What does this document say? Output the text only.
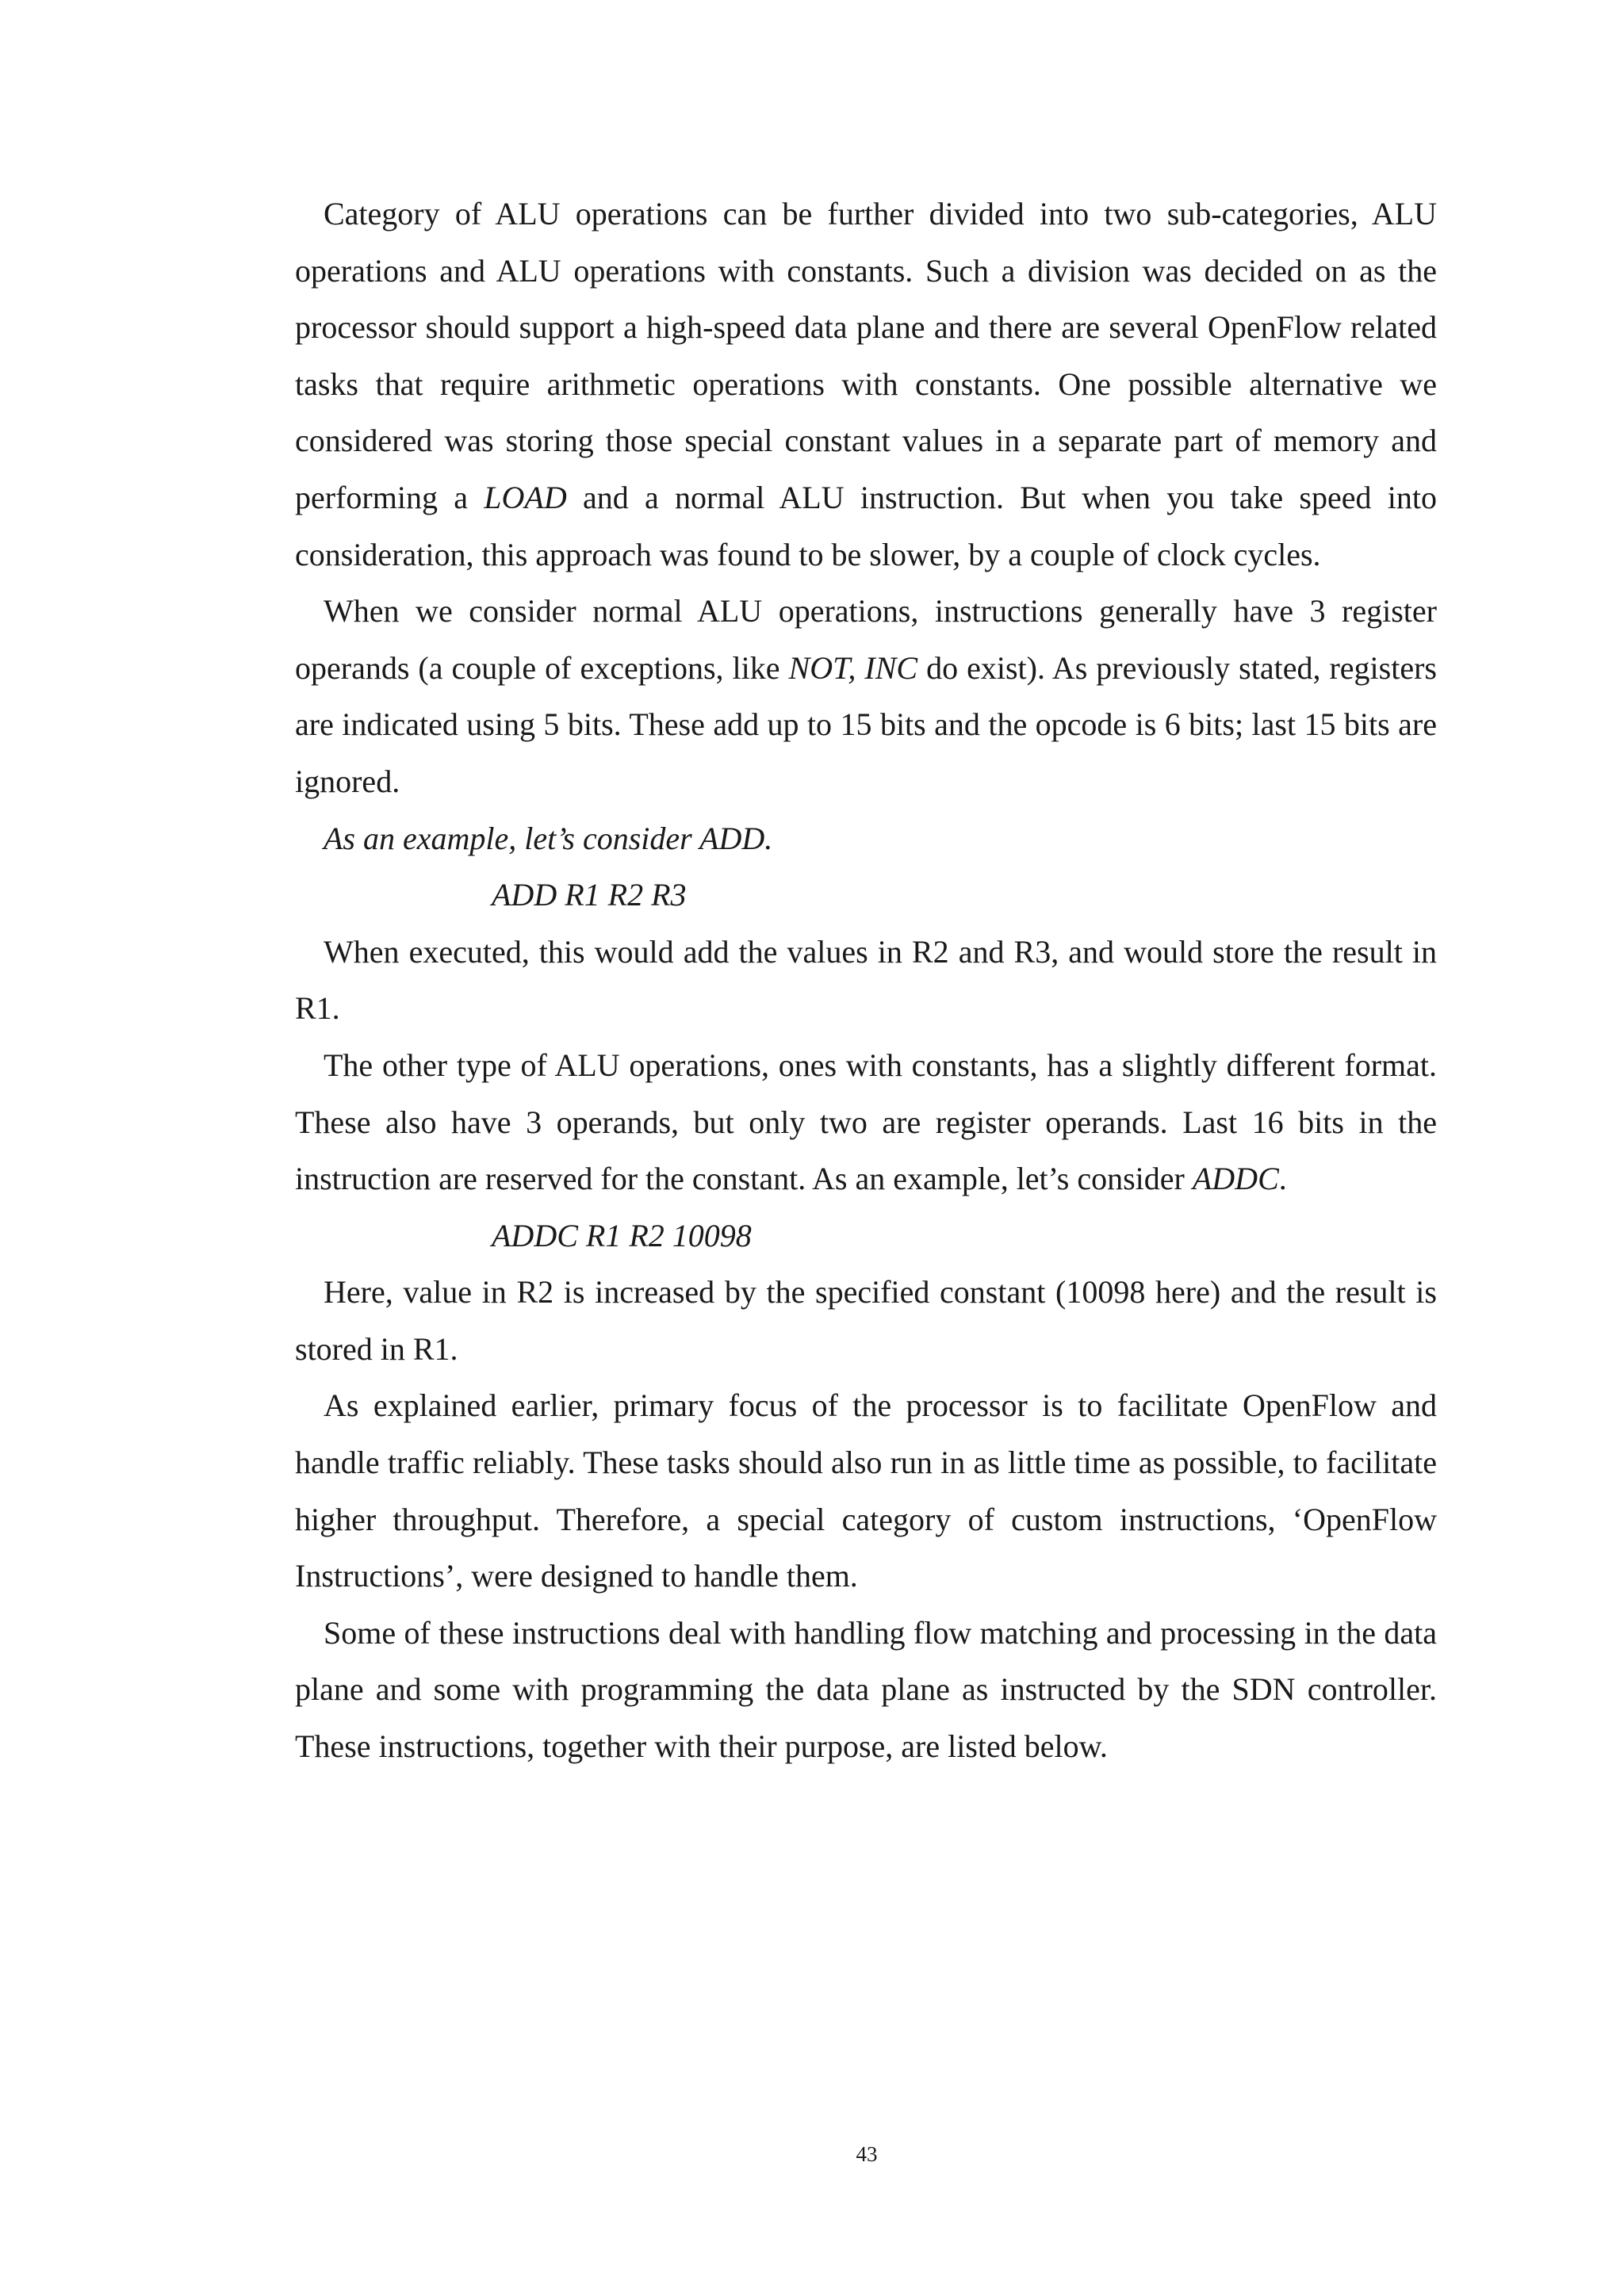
Category of ALU operations can be further divided into two sub-categories, ALU operations and ALU operations with constants. Such a division was decided on as the processor should support a high-speed data plane and there are several OpenFlow related tasks that require arithmetic operations with constants. One possible alternative we considered was storing those special constant values in a separate part of memory and performing a LOAD and a normal ALU instruction. But when you take speed into consideration, this approach was found to be slower, by a couple of clock cycles.

When we consider normal ALU operations, instructions generally have 3 register operands (a couple of exceptions, like NOT, INC do exist). As previously stated, registers are indicated using 5 bits. These add up to 15 bits and the opcode is 6 bits; last 15 bits are ignored.

As an example, let’s consider ADD.

ADD R1 R2 R3

When executed, this would add the values in R2 and R3, and would store the result in R1.

The other type of ALU operations, ones with constants, has a slightly different format. These also have 3 operands, but only two are register operands. Last 16 bits in the instruction are reserved for the constant. As an example, let’s consider ADDC.

ADDC R1 R2 10098

Here, value in R2 is increased by the specified constant (10098 here) and the result is stored in R1.

As explained earlier, primary focus of the processor is to facilitate OpenFlow and handle traffic reliably. These tasks should also run in as little time as possible, to facilitate higher throughput. Therefore, a special category of custom instructions, ‘OpenFlow Instructions’, were designed to handle them.

Some of these instructions deal with handling flow matching and processing in the data plane and some with programming the data plane as instructed by the SDN controller. These instructions, together with their purpose, are listed below.

43
